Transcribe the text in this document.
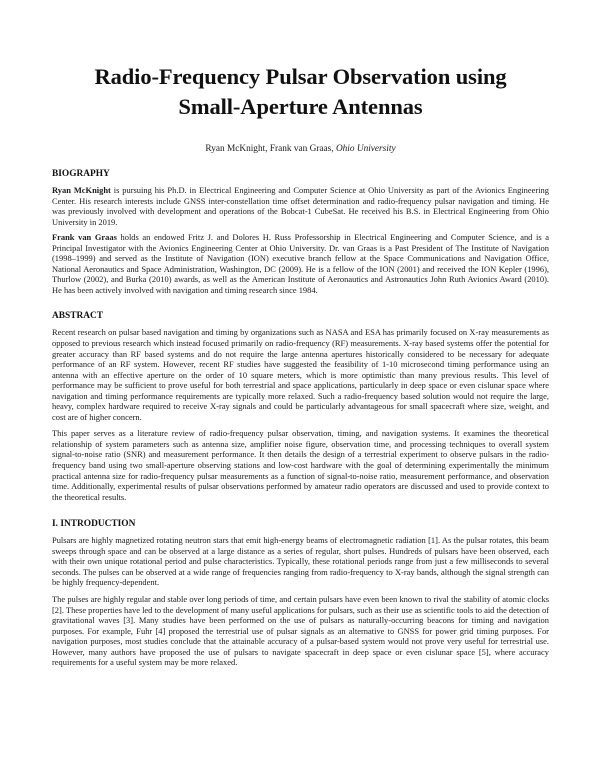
Radio-Frequency Pulsar Observation using
Small-Aperture Antennas
Ryan McKnight, Frank van Graas, Ohio University
BIOGRAPHY

Ryan McKnight is pursuing his Ph.D. in Electrical Engineering and Computer Science at Ohio University as part of the Avionics Engineering Center. His research interests include GNSS inter-constellation time offset determination and radio-frequency pulsar navigation and timing. He was previously involved with development and operations of the Bobcat-1 CubeSat. He received his B.S. in Electrical Engineering from Ohio University in 2019.

Frank van Graas holds an endowed Fritz J. and Dolores H. Russ Professorship in Electrical Engineering and Computer Science, and is a Principal Investigator with the Avionics Engineering Center at Ohio University. Dr. van Graas is a Past President of The Institute of Navigation (1998–1999) and served as the Institute of Navigation (ION) executive branch fellow at the Space Communications and Navigation Office, National Aeronautics and Space Administration, Washington, DC (2009). He is a fellow of the ION (2001) and received the ION Kepler (1996), Thurlow (2002), and Burka (2010) awards, as well as the American Institute of Aeronautics and Astronautics John Ruth Avionics Award (2010). He has been actively involved with navigation and timing research since 1984.

ABSTRACT

Recent research on pulsar based navigation and timing by organizations such as NASA and ESA has primarily focused on X-ray measurements as opposed to previous research which instead focused primarily on radio-frequency (RF) measurements. X-ray based systems offer the potential for greater accuracy than RF based systems and do not require the large antenna apertures historically considered to be necessary for adequate performance of an RF system. However, recent RF studies have suggested the feasibility of 1-10 microsecond timing performance using an antenna with an effective aperture on the order of 10 square meters, which is more optimistic than many previous results. This level of performance may be sufficient to prove useful for both terrestrial and space applications, particularly in deep space or even cislunar space where navigation and timing performance requirements are typically more relaxed. Such a radio-frequency based solution would not require the large, heavy, complex hardware required to receive X-ray signals and could be particularly advantageous for small spacecraft where size, weight, and cost are of higher concern.

This paper serves as a literature review of radio-frequency pulsar observation, timing, and navigation systems. It examines the theoretical relationship of system parameters such as antenna size, amplifier noise figure, observation time, and processing techniques to overall system signal-to-noise ratio (SNR) and measurement performance. It then details the design of a terrestrial experiment to observe pulsars in the radio-frequency band using two small-aperture observing stations and low-cost hardware with the goal of determining experimentally the minimum practical antenna size for radio-frequency pulsar measurements as a function of signal-to-noise ratio, measurement performance, and observation time. Additionally, experimental results of pulsar observations performed by amateur radio operators are discussed and used to provide context to the theoretical results.

I. INTRODUCTION

Pulsars are highly magnetized rotating neutron stars that emit high-energy beams of electromagnetic radiation [1]. As the pulsar rotates, this beam sweeps through space and can be observed at a large distance as a series of regular, short pulses. Hundreds of pulsars have been observed, each with their own unique rotational period and pulse characteristics. Typically, these rotational periods range from just a few milliseconds to several seconds. The pulses can be observed at a wide range of frequencies ranging from radio-frequency to X-ray bands, although the signal strength can be highly frequency-dependent.

The pulses are highly regular and stable over long periods of time, and certain pulsars have even been known to rival the stability of atomic clocks [2]. These properties have led to the development of many useful applications for pulsars, such as their use as scientific tools to aid the detection of gravitational waves [3]. Many studies have been performed on the use of pulsars as naturally-occurring beacons for timing and navigation purposes. For example, Fuhr [4] proposed the terrestrial use of pulsar signals as an alternative to GNSS for power grid timing purposes. For navigation purposes, most studies conclude that the attainable accuracy of a pulsar-based system would not prove very useful for terrestrial use. However, many authors have proposed the use of pulsars to navigate spacecraft in deep space or even cislunar space [5], where accuracy requirements for a useful system may be more relaxed.
